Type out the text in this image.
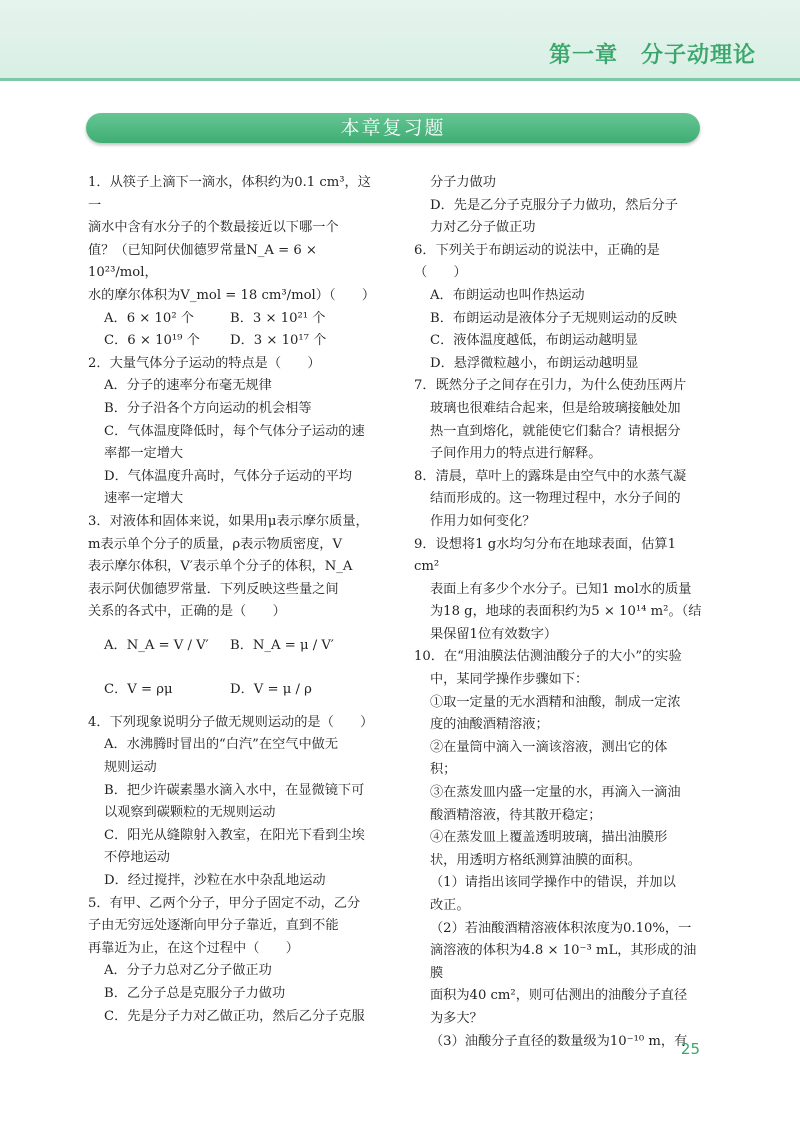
第一章　分子动理论
本章复习题
1．从筷子上滴下一滴水，体积约为0.1 cm³，这一
滴水中含有水分子的个数最接近以下哪一个
值？（已知阿伏伽德罗常量N_A = 6 × 10²³/mol，
水的摩尔体积为V_mol = 18 cm³/mol）（　　）
A．6 × 10² 个	B．3 × 10²¹ 个
C．6 × 10¹⁹ 个	D．3 × 10¹⁷ 个
2．大量气体分子运动的特点是（　　）
A．分子的速率分布毫无规律
B．分子沿各个方向运动的机会相等
C．气体温度降低时，每个气体分子运动的速
率都一定增大
D．气体温度升高时，气体分子运动的平均
速率一定增大
3．对液体和固体来说，如果用μ表示摩尔质量，
m表示单个分子的质量，ρ表示物质密度，V
表示摩尔体积，V′表示单个分子的体积，N_A
表示阿伏伽德罗常量．下列反映这些量之间
关系的各式中，正确的是（　　）
A．N_A = V / V′	B．N_A = μ / V′
C．V = ρμ	D．V = μ / ρ
4．下列现象说明分子做无规则运动的是（　　）
A．水沸腾时冒出的“白汽”在空气中做无
规则运动
B．把少许碳素墨水滴入水中，在显微镜下可
以观察到碳颗粒的无规则运动
C．阳光从缝隙射入教室，在阳光下看到尘埃
不停地运动
D．经过搅拌，沙粒在水中杂乱地运动
5．有甲、乙两个分子，甲分子固定不动，乙分
子由无穷远处逐渐向甲分子靠近，直到不能
再靠近为止，在这个过程中（　　）
A．分子力总对乙分子做正功
B．乙分子总是克服分子力做功
C．先是分子力对乙做正功，然后乙分子克服
分子力做功
D．先是乙分子克服分子力做功，然后分子
力对乙分子做正功
6．下列关于布朗运动的说法中，正确的是（　　）
A．布朗运动也叫作热运动
B．布朗运动是液体分子无规则运动的反映
C．液体温度越低，布朗运动越明显
D．悬浮微粒越小，布朗运动越明显
7．既然分子之间存在引力，为什么使劲压两片
玻璃也很难结合起来，但是给玻璃接触处加
热一直到熔化，就能使它们黏合？请根据分
子间作用力的特点进行解释。
8．清晨，草叶上的露珠是由空气中的水蒸气凝
结而形成的。这一物理过程中，水分子间的
作用力如何变化？
9．设想将1 g水均匀分布在地球表面，估算1 cm²
表面上有多少个水分子。已知1 mol水的质量
为18 g，地球的表面积约为5 × 10¹⁴ m²。（结
果保留1位有效数字）
10．在“用油膜法估测油酸分子的大小”的实验
中，某同学操作步骤如下：
①取一定量的无水酒精和油酸，制成一定浓
度的油酸酒精溶液；
②在量筒中滴入一滴该溶液，测出它的体
积；
③在蒸发皿内盛一定量的水，再滴入一滴油
酸酒精溶液，待其散开稳定；
④在蒸发皿上覆盖透明玻璃，描出油膜形
状，用透明方格纸测算油膜的面积。
（1）请指出该同学操作中的错误，并加以
改正。
（2）若油酸酒精溶液体积浓度为0.10%，一
滴溶液的体积为4.8 × 10⁻³ mL，其形成的油膜
面积为40 cm²，则可估测出的油酸分子直径
为多大？
（3）油酸分子直径的数量级为10⁻¹⁰ m，有
25
